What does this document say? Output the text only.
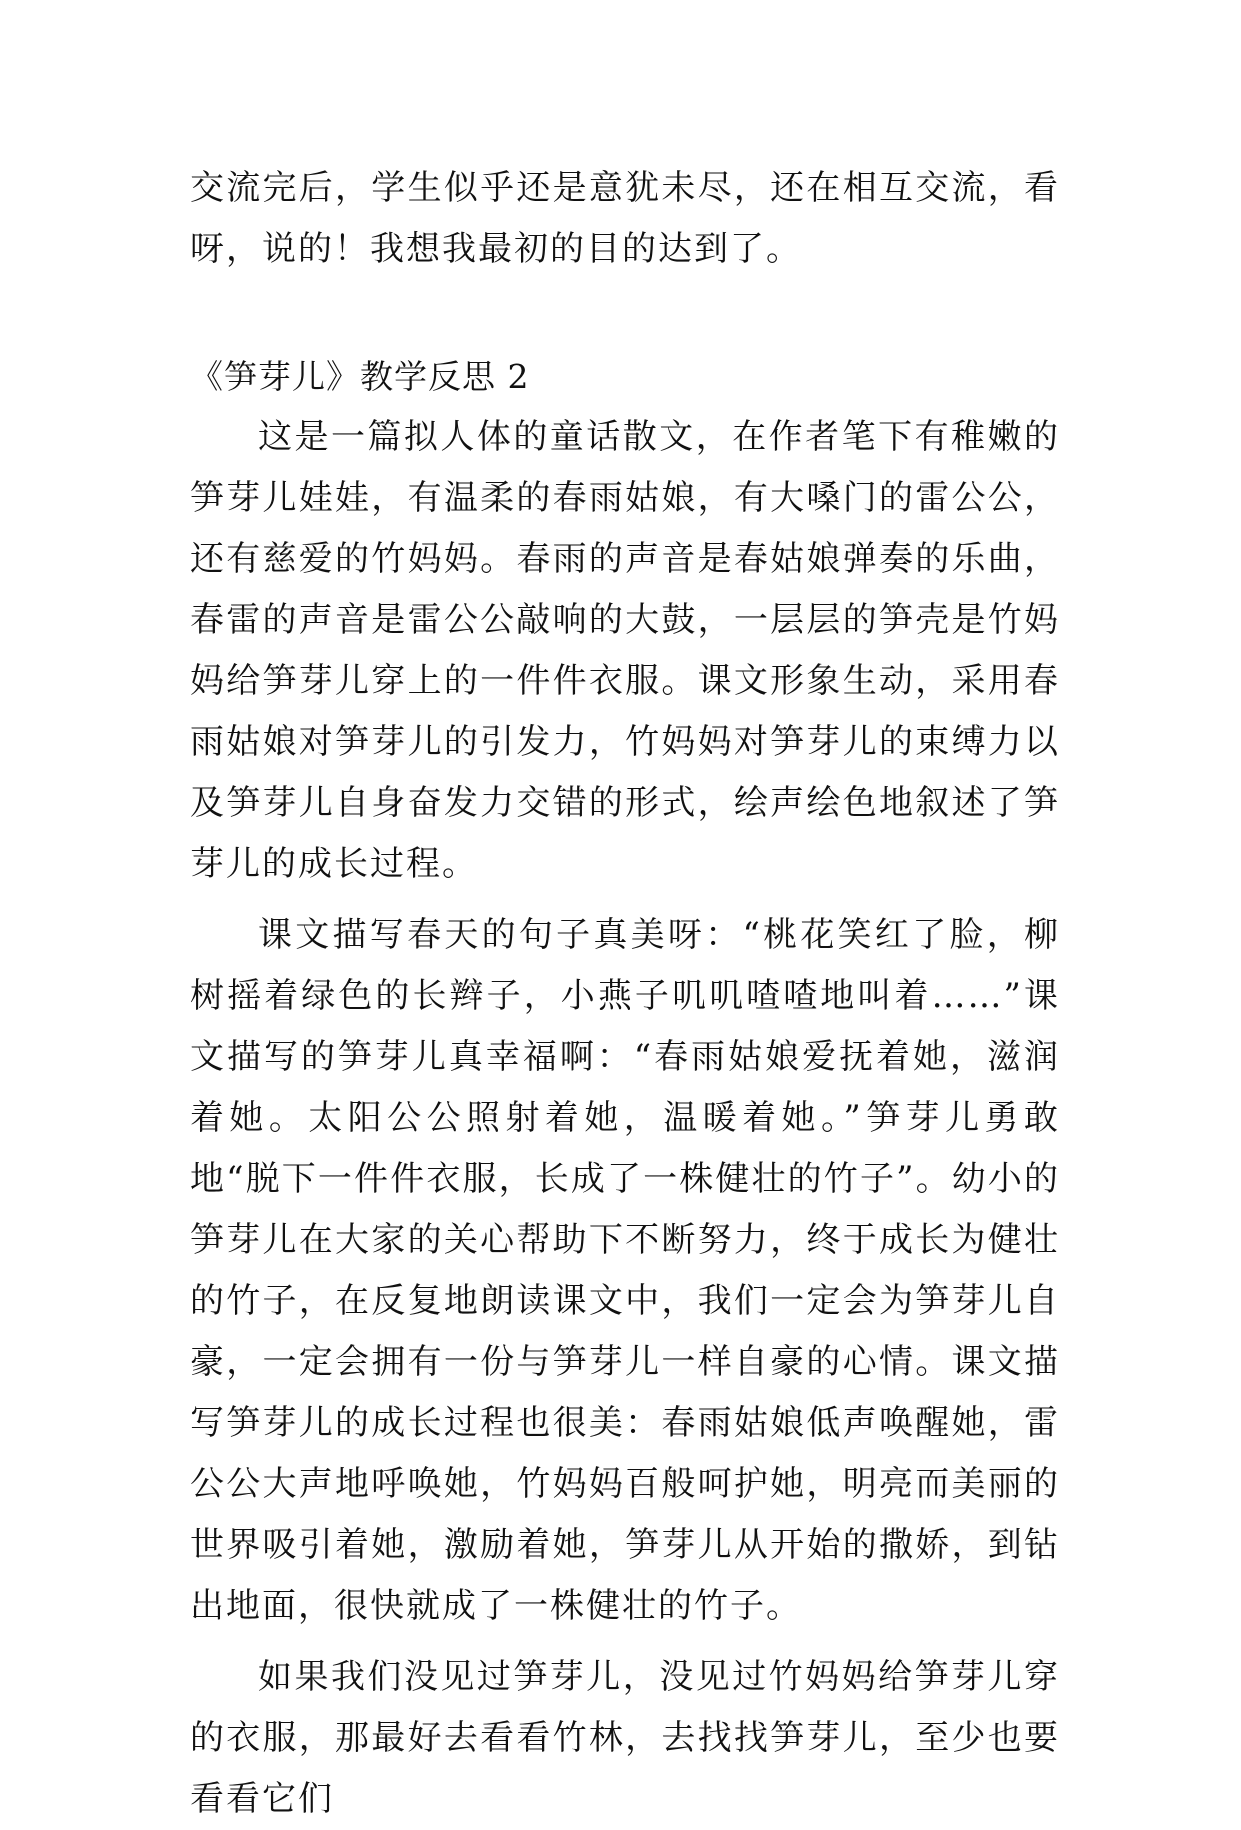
交流完后，学生似乎还是意犹未尽，还在相互交流，看呀，说的！我想我最初的目的达到了。

《笋芽儿》教学反思 2

这是一篇拟人体的童话散文，在作者笔下有稚嫩的笋芽儿娃娃，有温柔的春雨姑娘，有大嗓门的雷公公，还有慈爱的竹妈妈。春雨的声音是春姑娘弹奏的乐曲，春雷的声音是雷公公敲响的大鼓，一层层的笋壳是竹妈妈给笋芽儿穿上的一件件衣服。课文形象生动，采用春雨姑娘对笋芽儿的引发力，竹妈妈对笋芽儿的束缚力以及笋芽儿自身奋发力交错的形式，绘声绘色地叙述了笋芽儿的成长过程。

课文描写春天的句子真美呀：“桃花笑红了脸，柳树摇着绿色的长辫子，小燕子叽叽喳喳地叫着……”课文描写的笋芽儿真幸福啊：“春雨姑娘爱抚着她，滋润着她。太阳公公照射着她，温暖着她。”笋芽儿勇敢地“脱下一件件衣服，长成了一株健壮的竹子”。幼小的笋芽儿在大家的关心帮助下不断努力，终于成长为健壮的竹子，在反复地朗读课文中，我们一定会为笋芽儿自豪，一定会拥有一份与笋芽儿一样自豪的心情。课文描写笋芽儿的成长过程也很美：春雨姑娘低声唤醒她，雷公公大声地呼唤她，竹妈妈百般呵护她，明亮而美丽的世界吸引着她，激励着她，笋芽儿从开始的撒娇，到钻出地面，很快就成了一株健壮的竹子。

如果我们没见过笋芽儿，没见过竹妈妈给笋芽儿穿的衣服，那最好去看看竹林，去找找笋芽儿，至少也要看看它们
